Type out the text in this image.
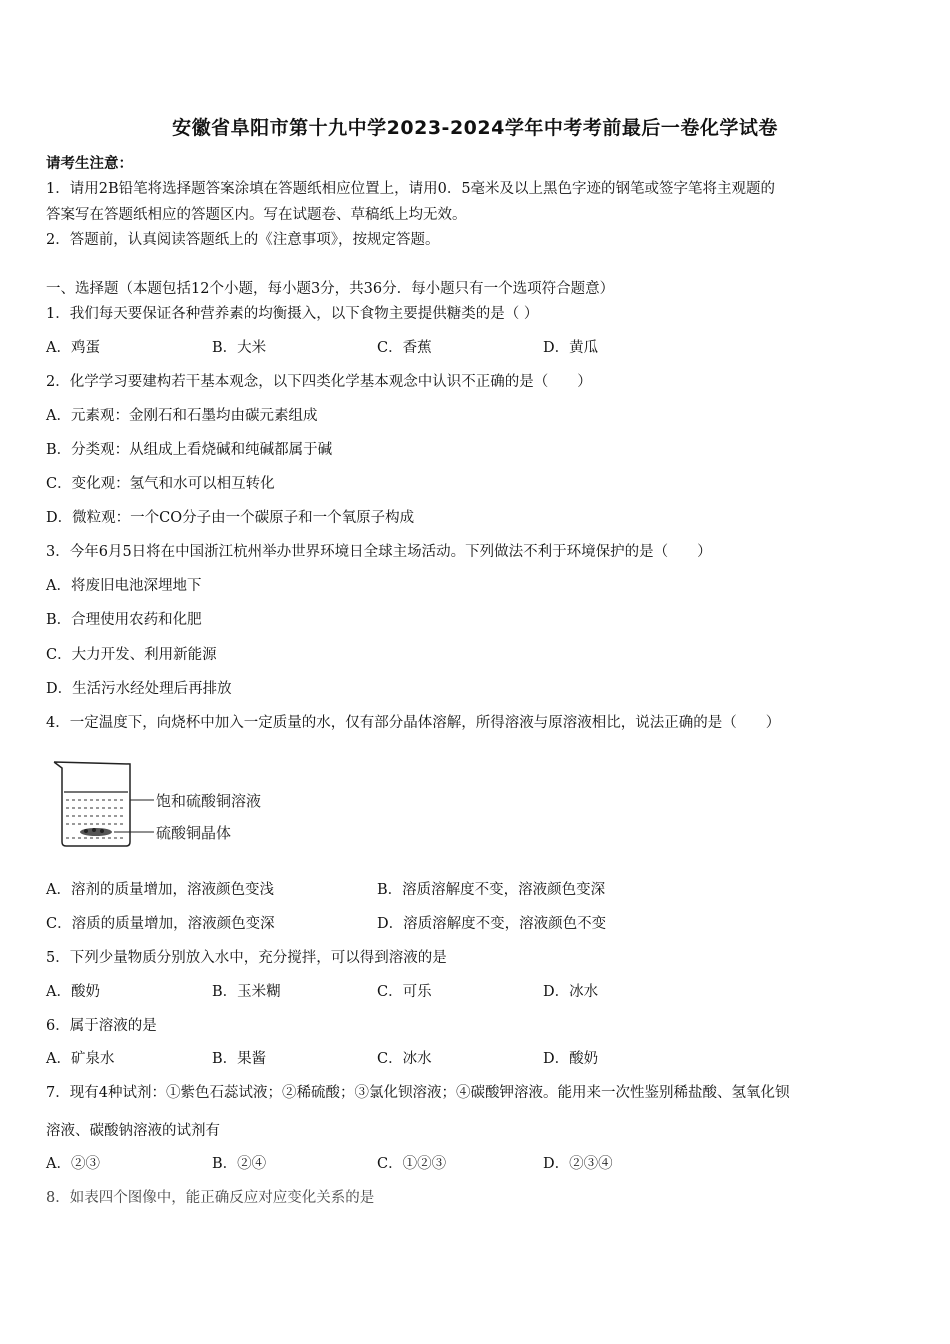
安徽省阜阳市第十九中学2023-2024学年中考考前最后一卷化学试卷
请考生注意：
1．请用2B铅笔将选择题答案涂填在答题纸相应位置上，请用0．5毫米及以上黑色字迹的钢笔或签字笔将主观题的
答案写在答题纸相应的答题区内。写在试题卷、草稿纸上均无效。
2．答题前，认真阅读答题纸上的《注意事项》，按规定答题。
一、选择题（本题包括12个小题，每小题3分，共36分．每小题只有一个选项符合题意）
1．我们每天要保证各种营养素的均衡摄入，以下食物主要提供糖类的是（ ）
A．鸡蛋	B．大米	C．香蕉	D．黄瓜
2．化学学习要建构若干基本观念，以下四类化学基本观念中认识不正确的是（　　）
A．元素观：金刚石和石墨均由碳元素组成
B．分类观：从组成上看烧碱和纯碱都属于碱
C．变化观：氢气和水可以相互转化
D．微粒观：一个CO分子由一个碳原子和一个氧原子构成
3．今年6月5日将在中国浙江杭州举办世界环境日全球主场活动。下列做法不利于环境保护的是（　　）
A．将废旧电池深埋地下
B．合理使用农药和化肥
C．大力开发、利用新能源
D．生活污水经处理后再排放
4．一定温度下，向烧杯中加入一定质量的水，仅有部分晶体溶解，所得溶液与原溶液相比，说法正确的是（　　）
饱和硫酸铜溶液
硫酸铜晶体
A．溶剂的质量增加，溶液颜色变浅	B．溶质溶解度不变，溶液颜色变深
C．溶质的质量增加，溶液颜色变深	D．溶质溶解度不变，溶液颜色不变
5．下列少量物质分别放入水中，充分搅拌，可以得到溶液的是
A．酸奶	B．玉米糊	C．可乐	D．冰水
6．属于溶液的是
A．矿泉水	B．果酱	C．冰水	D．酸奶
7．现有4种试剂：①紫色石蕊试液；②稀硫酸；③氯化钡溶液；④碳酸钾溶液。能用来一次性鉴别稀盐酸、氢氧化钡
溶液、碳酸钠溶液的试剂有
A．②③	B．②④	C．①②③	D．②③④
8．如表四个图像中，能正确反应对应变化关系的是
